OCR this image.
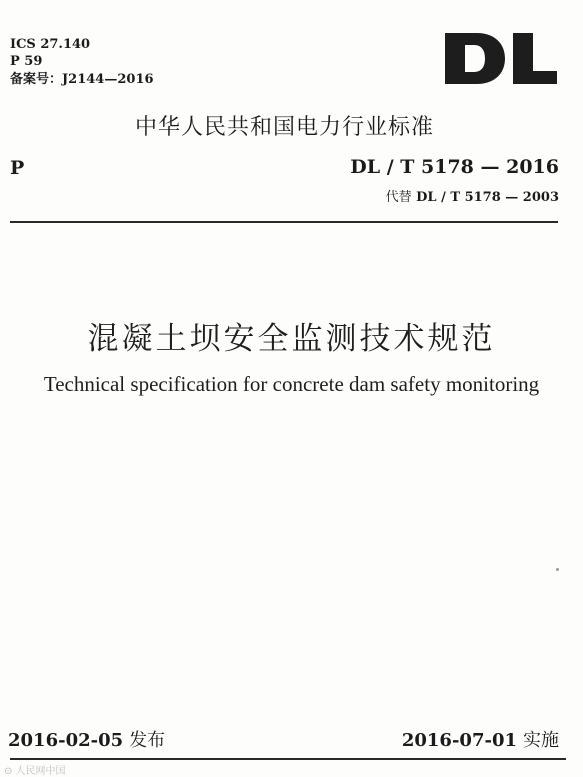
ICS 27.140
P 59
备案号：J2144—2016
中华人民共和国电力行业标准
P	DL / T 5178 — 2016
代替 DL / T 5178 — 2003
混凝土坝安全监测技术规范
Technical specification for concrete dam safety monitoring
2016-02-05 发布	2016-07-01 实施
⊙ 人民网中国
